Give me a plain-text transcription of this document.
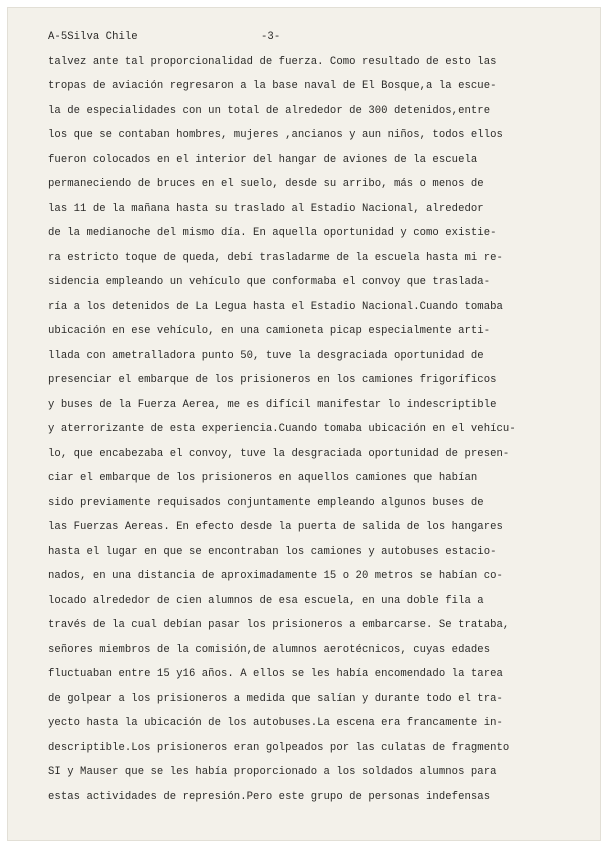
A-5Silva Chile

	-3-

talvez ante tal proporcionalidad de fuerza. Como resultado de esto las
tropas de aviación regresaron a la base naval de El Bosque,a la escue-
la de especialidades con un total de alrededor de 300 detenidos,entre
los que se contaban hombres, mujeres ,ancianos y aun niños, todos ellos
fueron colocados en el interior del hangar de aviones de la escuela
permaneciendo de bruces en el suelo, desde su arribo, más o menos de
las 11 de la mañana hasta su traslado al Estadio Nacional, alrededor
de la medianoche del mismo día. En aquella oportunidad y como existie-
ra estricto toque de queda, debí trasladarme de la escuela hasta mi re-
sidencia empleando un vehículo que conformaba el convoy que traslada-
ría a los detenidos de La Legua hasta el Estadio Nacional.Cuando tomaba
ubicación en ese vehículo, en una camioneta picap especialmente arti-
llada con ametralladora punto 50, tuve la desgraciada oportunidad de
presenciar el embarque de los prisioneros en los camiones frigoríficos
y buses de la Fuerza Aerea, me es difícil manifestar lo indescriptible
y aterrorizante de esta experiencia.Cuando tomaba ubicación en el vehícu-
lo, que encabezaba el convoy, tuve la desgraciada oportunidad de presen-
ciar el embarque de los prisioneros en aquellos camiones que habían
sido previamente requisados conjuntamente empleando algunos buses de
las Fuerzas Aereas. En efecto desde la puerta de salida de los hangares
hasta el lugar en que se encontraban los camiones y autobuses estacio-
nados, en una distancia de aproximadamente 15 o 20 metros se habían co-
locado alrededor de cien alumnos de esa escuela, en una doble fila a
través de la cual debían pasar los prisioneros a embarcarse. Se trataba,
señores miembros de la comisión,de alumnos aerotécnicos, cuyas edades
fluctuaban entre 15 y16 años. A ellos se les había encomendado la tarea
de golpear a los prisioneros a medida que salían y durante todo el tra-
yecto hasta la ubicación de los autobuses.La escena era francamente in-
descriptible.Los prisioneros eran golpeados por las culatas de fragmento
SI y Mauser que se les había proporcionado a los soldados alumnos para
estas actividades de represión.Pero este grupo de personas indefensas
